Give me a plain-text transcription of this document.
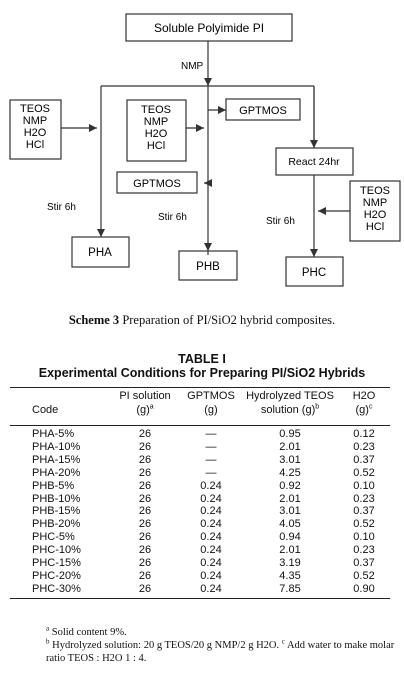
Soluble Polyimide PI
NMP
TEOS
NMP
H2O
HCl
TEOS
NMP
H2O
HCl
GPTMOS
GPTMOS
TEOS
NMP
H2O
HCl
React 24hr
Stir 6h
Stir 6h	Stir 6h
PHA
PHB	PHC
Scheme 3 Preparation of PI/SiO2 hybrid composites.
TABLE I
Experimental Conditions for Preparing PI/SiO2 Hybrids
	PI solution	GPTMOS	Hydrolyzed TEOS	H2O
Code	$(g)^a$	(g)	solution $(g)^b$	$(g)^c$
PHA-5%	26	—	0.95	0.12
PHA-10%	26	—	2.01	0.23
PHA-15%	26	—	3.01	0.37
PHA-20%	26	—	4.25	0.52
PHB-5%	26	0.24	0.92	0.10
PHB-10%	26	0.24	2.01	0.23
PHB-15%	26	0.24	3.01	0.37
PHB-20%	26	0.24	4.05	0.52
PHC-5%	26	0.24	0.94	0.10
PHC-10%	26	0.24	2.01	0.23
PHC-15%	26	0.24	3.19	0.37
PHC-20%	26	0.24	4.35	0.52
PHC-30%	26	0.24	7.85	0.90

$^a$ Solid content 9%.

$^b$ Hydrolyzed solution: 20 g TEOS/20 g NMP/2 g H2O. $^c$ Add water to make molar ratio TEOS : H2O 1 : 4.
